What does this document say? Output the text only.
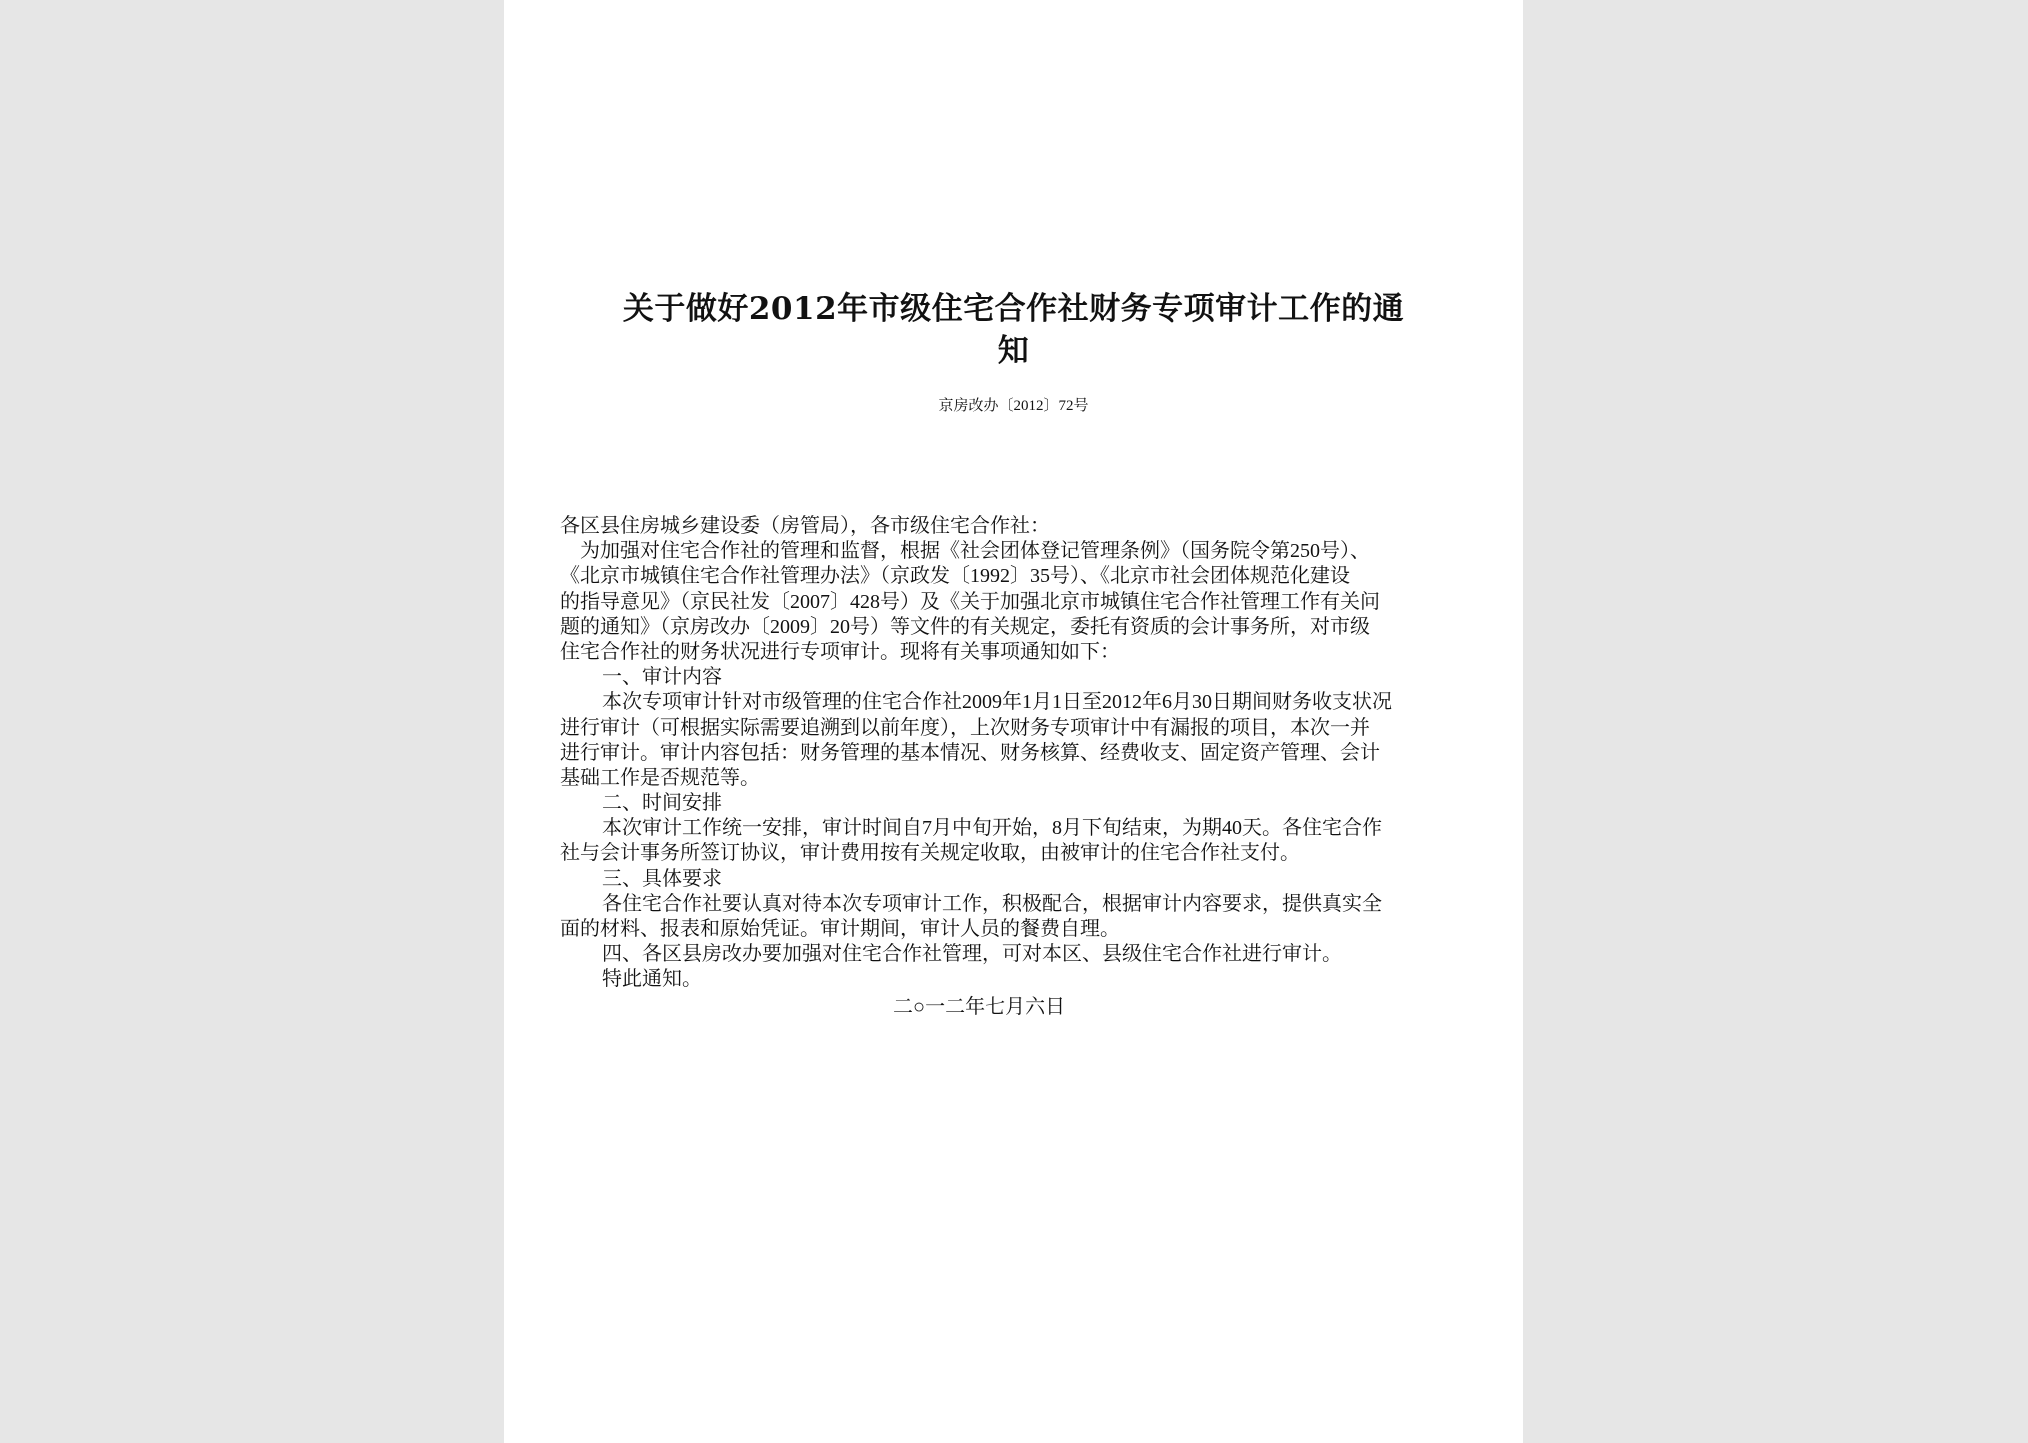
关于做好2012年市级住宅合作社财务专项审计工作的通
知
京房改办〔2012〕72号
各区县住房城乡建设委（房管局），各市级住宅合作社：
为加强对住宅合作社的管理和监督，根据《社会团体登记管理条例》（国务院令第250号）、
《北京市城镇住宅合作社管理办法》（京政发〔1992〕35号）、《北京市社会团体规范化建设
的指导意见》（京民社发〔2007〕428号）及《关于加强北京市城镇住宅合作社管理工作有关问
题的通知》（京房改办〔2009〕20号）等文件的有关规定，委托有资质的会计事务所，对市级
住宅合作社的财务状况进行专项审计。现将有关事项通知如下：
一、审计内容
本次专项审计针对市级管理的住宅合作社2009年1月1日至2012年6月30日期间财务收支状况
进行审计（可根据实际需要追溯到以前年度），上次财务专项审计中有漏报的项目，本次一并
进行审计。审计内容包括：财务管理的基本情况、财务核算、经费收支、固定资产管理、会计
基础工作是否规范等。
二、时间安排
本次审计工作统一安排，审计时间自7月中旬开始，8月下旬结束，为期40天。各住宅合作
社与会计事务所签订协议，审计费用按有关规定收取，由被审计的住宅合作社支付。
三、具体要求
各住宅合作社要认真对待本次专项审计工作，积极配合，根据审计内容要求，提供真实全
面的材料、报表和原始凭证。审计期间，审计人员的餐费自理。
四、各区县房改办要加强对住宅合作社管理，可对本区、县级住宅合作社进行审计。
特此通知。
二○一二年七月六日
